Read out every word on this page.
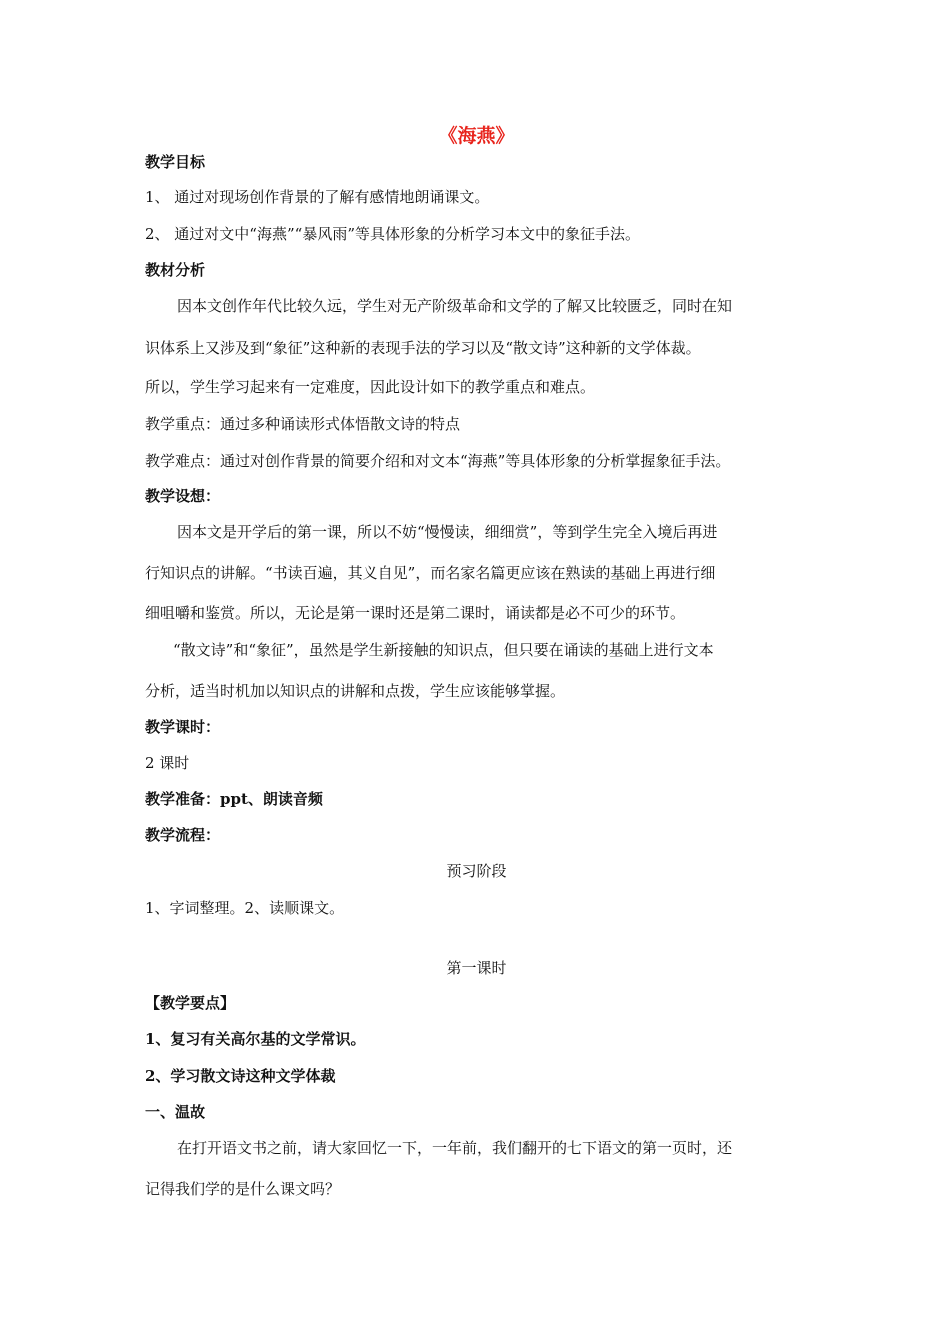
《海燕》
教学目标
1、 通过对现场创作背景的了解有感情地朗诵课文。
2、 通过对文中“海燕”“暴风雨”等具体形象的分析学习本文中的象征手法。
教材分析
因本文创作年代比较久远，学生对无产阶级革命和文学的了解又比较匮乏，同时在知
识体系上又涉及到“象征”这种新的表现手法的学习以及“散文诗”这种新的文学体裁。
所以，学生学习起来有一定难度，因此设计如下的教学重点和难点。
教学重点：通过多种诵读形式体悟散文诗的特点
教学难点：通过对创作背景的简要介绍和对文本“海燕”等具体形象的分析掌握象征手法。
教学设想：
因本文是开学后的第一课，所以不妨“慢慢读，细细赏”，等到学生完全入境后再进
行知识点的讲解。“书读百遍，其义自见”，而名家名篇更应该在熟读的基础上再进行细
细咀嚼和鉴赏。所以，无论是第一课时还是第二课时，诵读都是必不可少的环节。
“散文诗”和“象征”，虽然是学生新接触的知识点，但只要在诵读的基础上进行文本
分析，适当时机加以知识点的讲解和点拨，学生应该能够掌握。
教学课时：
2 课时
教学准备：ppt、朗读音频
教学流程：
预习阶段
1、字词整理。2、读顺课文。
第一课时
【教学要点】
1、复习有关高尔基的文学常识。
2、学习散文诗这种文学体裁
一、温故
在打开语文书之前，请大家回忆一下，一年前，我们翻开的七下语文的第一页时，还
记得我们学的是什么课文吗？
